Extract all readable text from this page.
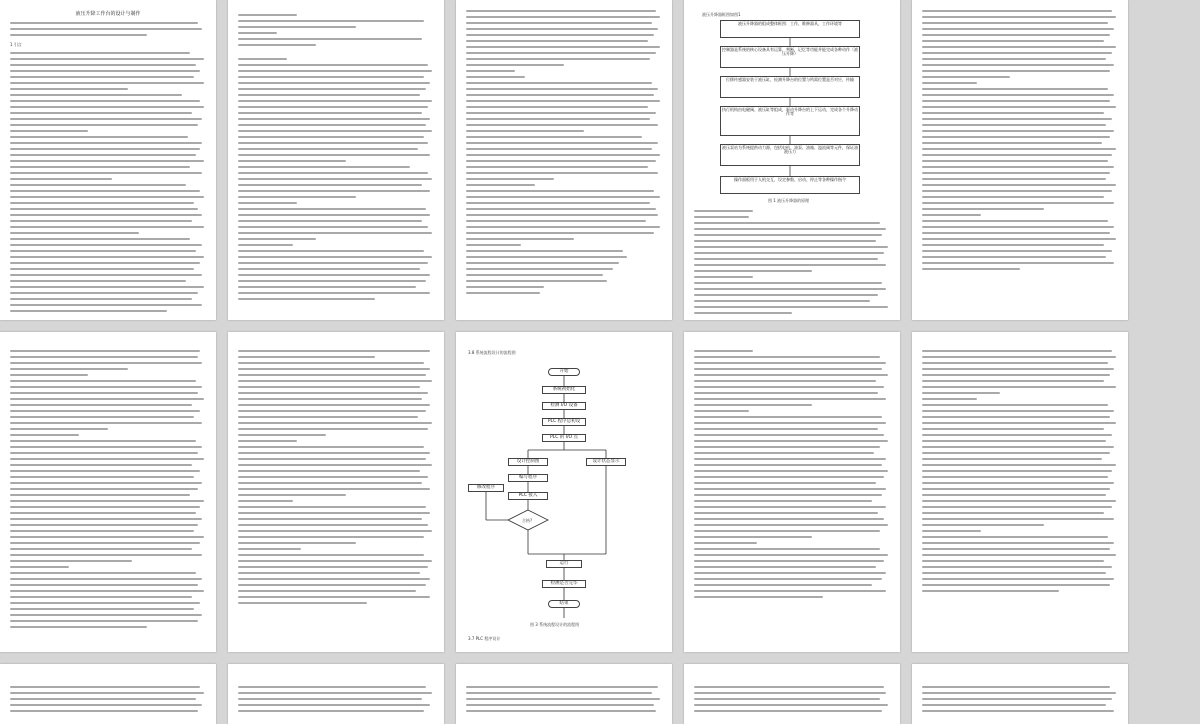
液压升降工作台的设计与制作
1 引言
液压升降器框图如图1
液压升降器的组成整体框图：工作，维修器具，工作环境等
控制器是系统的核心设备具有运算，判断，记忆等功能并能完成各种动作（液压升降）
位移传感器安装于液压缸，检测升降台的位置与所需位置是否对应，传输
执行机构由电磁阀、液压缸等组成，驱动升降台的上下运动，完成各个升降动作等
液压泵站为系统提供动力源，包括电机、油泵、油箱、溢流阀等元件，保证油液压力
操作面板用于人机交互，设定参数、启动、停止等各种操作指令
图 1 液压升降器的原理
3.8 系统流程设计的流程图
开始
系统初始化
检测 I/O 设备
PLC 程序总初设
PLC 的 I/O 点
设计控制图	设计状态显示
编写程序
PLC 接入
合格?
修改程序
运行
检测是否完毕
结束
图 3 系统流程设计的流程图
3.7 PLC 程序设计
